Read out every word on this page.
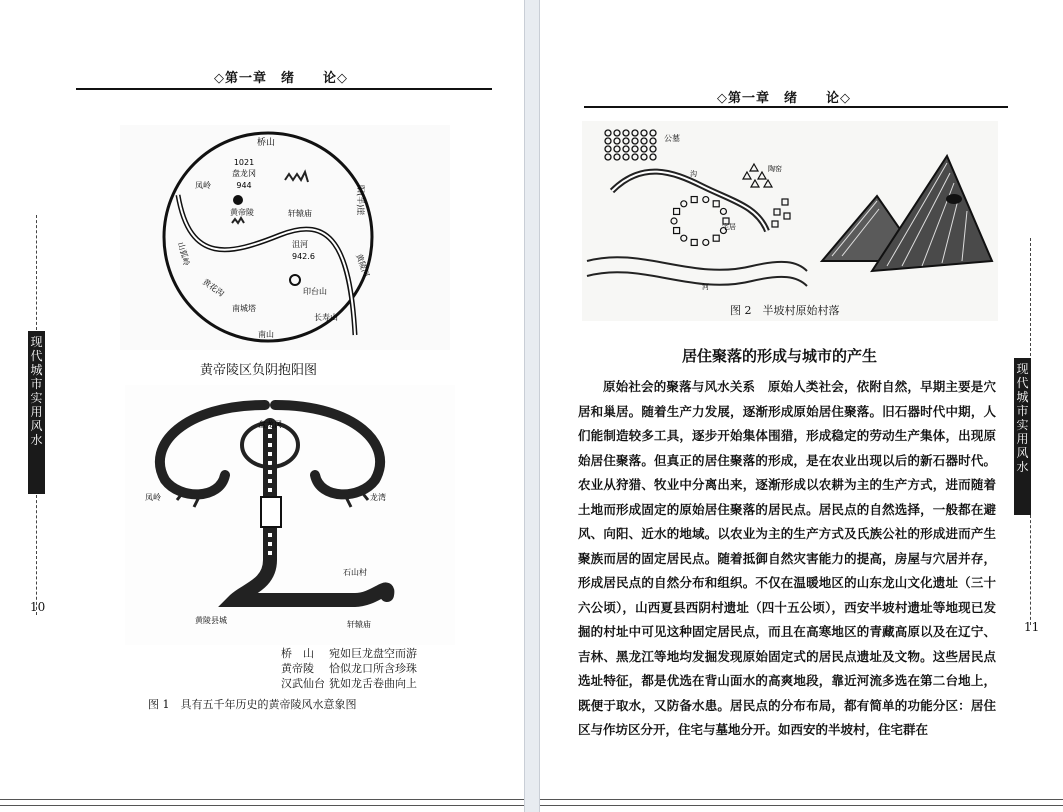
◇第一章　绪　　论◇
现
代
城
市
实
用
风
水
10
桥山
1021
盘龙冈
944
凤岭
黄帝陵	轩辕庙	阳(半)崖
山狐岭	沮河
942.6	黄陵河
印台山
黄花沟
南城塔
长寿山
南山
黄帝陵区负阴抱阳图
盘龙冈
凤岭	龙湾
石山村
黄陵县城	轩辕庙
桥　山 宛如巨龙盘空而游
黄帝陵 恰似龙口所含珍珠
汉武仙台 犹如龙舌卷曲向上
图 1　具有五千年历史的黄帝陵风水意象图
◇第一章　绪　　论◇
公墓
沟
陶窑
宅居
河
图 2　半坡村原始村落
居住聚落的形成与城市的产生
现
代
城
市
实
用
风
水
11

原始社会的聚落与风水关系　原始人类社会，依附自然，早期主要是穴居和巢居。随着生产力发展，逐渐形成原始居住聚落。旧石器时代中期，人们能制造较多工具，逐步开始集体围猎，形成稳定的劳动生产集体，出现原始居住聚落。但真正的居住聚落的形成，是在农业出现以后的新石器时代。农业从狩猎、牧业中分离出来，逐渐形成以农耕为主的生产方式，进而随着土地而形成固定的原始居住聚落的居民点。居民点的自然选择，一般都在避风、向阳、近水的地域。以农业为主的生产方式及氏族公社的形成进而产生聚族而居的固定居民点。随着抵御自然灾害能力的提高，房屋与穴居并存，形成居民点的自然分布和组织。不仅在温暖地区的山东龙山文化遗址（三十六公顷），山西夏县西阴村遗址（四十五公顷），西安半坡村遗址等地现已发掘的村址中可见这种固定居民点，而且在高寒地区的青藏高原以及在辽宁、吉林、黑龙江等地均发掘发现原始固定式的居民点遗址及文物。这些居民点选址特征，都是优选在背山面水的高爽地段，靠近河流多选在第二台地上，既便于取水，又防备水患。居民点的分布布局，都有简单的功能分区：居住区与作坊区分开，住宅与墓地分开。如西安的半坡村，住宅群在
